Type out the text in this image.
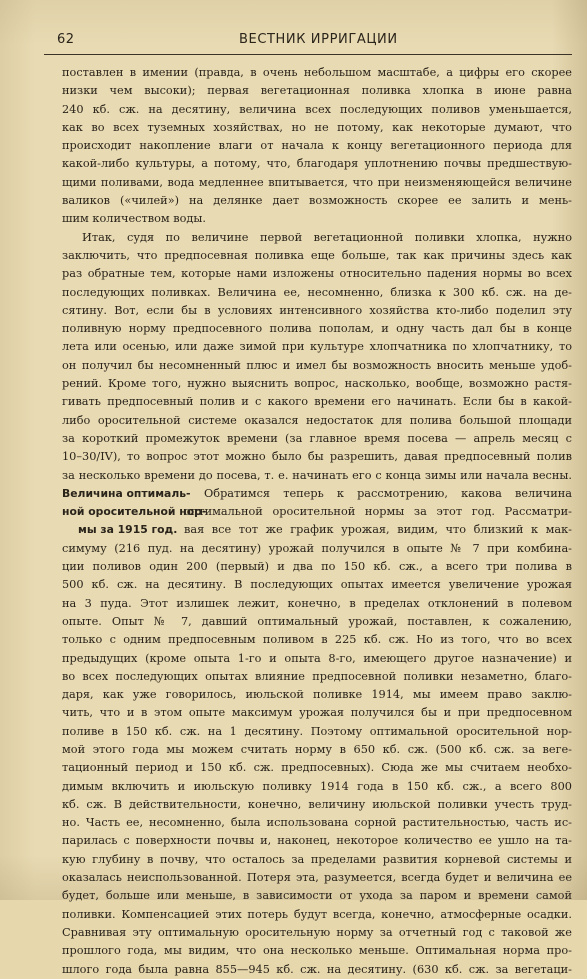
62	ВЕСТНИК ИРРИГАЦИИ
поставлен в имении (правда, в очень небольшом масштабе, а цифры его скорее
низки чем высоки); первая вегетационная поливка хлопка в июне равна
240 кб. сж. на десятину, величина всех последующих поливов уменьшается,
как во всех туземных хозяйствах, но не потому, как некоторые думают, что
происходит накопление влаги от начала к концу вегетационного периода для
какой-либо культуры, а потому, что, благодаря уплотнению почвы предшествую-
щими поливами, вода медленнее впитывается, что при неизменяющейся величине
валиков («чилей») на делянке дает возможность скорее ее залить и мень-
шим количеством воды.
Итак, судя по величине первой вегетационной поливки хлопка, нужно
заключить, что предпосевная поливка еще больше, так как причины здесь как
раз обратные тем, которые нами изложены относительно падения нормы во всех
последующих поливках. Величина ее, несомненно, близка к 300 кб. сж. на де-
сятину. Вот, если бы в условиях интенсивного хозяйства кто-либо поделил эту
поливную норму предпосевного полива пополам, и одну часть дал бы в конце
лета или осенью, или даже зимой при культуре хлопчатника по хлопчатнику, то
он получил бы несомненный плюс и имел бы возможность вносить меньше удоб-
рений. Кроме того, нужно выяснить вопрос, насколько, вообще, возможно растя-
гивать предпосевный полив и с какого времени его начинать. Если бы в какой-
либо оросительной системе оказался недостаток для полива большой площади
за короткий промежуток времени (за главное время посева — апрель месяц с
10–30/IV), то вопрос этот можно было бы разрешить, давая предпосевный полив
за несколько времени до посева, т. е. начинать его с конца зимы или начала весны.
Величина оптималь-
ной оросительной нор-
мы за 1915 год.
Обратимся теперь к рассмотрению, какова величина
оптимальной оросительной нормы за этот год. Рассматри-
вая все тот же график урожая, видим, что близкий к мак-
симуму (216 пуд. на десятину) урожай получился в опыте № 7 при комбина-
ции поливов один 200 (первый) и два по 150 кб. сж., а всего три полива в
500 кб. сж. на десятину. В последующих опытах имеется увеличение урожая
на 3 пуда. Этот излишек лежит, конечно, в пределах отклонений в полевом
опыте. Опыт № 7, давший оптимальный урожай, поставлен, к сожалению,
только с одним предпосевным поливом в 225 кб. сж. Но из того, что во всех
предыдущих (кроме опыта 1-го и опыта 8-го, имеющего другое назначение) и
во всех последующих опытах влияние предпосевной поливки незаметно, благо-
даря, как уже говорилось, июльской поливке 1914, мы имеем право заклю-
чить, что и в этом опыте максимум урожая получился бы и при предпосевном
поливе в 150 кб. сж. на 1 десятину. Поэтому оптимальной оросительной нор-
мой этого года мы можем считать норму в 650 кб. сж. (500 кб. сж. за веге-
тационный период и 150 кб. сж. предпосевных). Сюда же мы считаем необхо-
димым включить и июльскую поливку 1914 года в 150 кб. сж., а всего 800
кб. сж. В действительности, конечно, величину июльской поливки учесть труд-
но. Часть ее, несомненно, была использована сорной растительностью, часть ис-
парилась с поверхности почвы и, наконец, некоторое количество ее ушло на та-
кую глубину в почву, что осталось за пределами развития корневой системы и
оказалась неиспользованной. Потеря эта, разумеется, всегда будет и величина ее
будет, больше или меньше, в зависимости от ухода за паром и времени самой
поливки. Компенсацией этих потерь будут всегда, конечно, атмосферные осадки.
Сравнивая эту оптимальную оросительную норму за отчетный год с таковой же
прошлого года, мы видим, что она несколько меньше. Оптимальная норма про-
шлого года была равна 855—945 кб. сж. на десятину. (630 кб. сж. за вегетаци-
